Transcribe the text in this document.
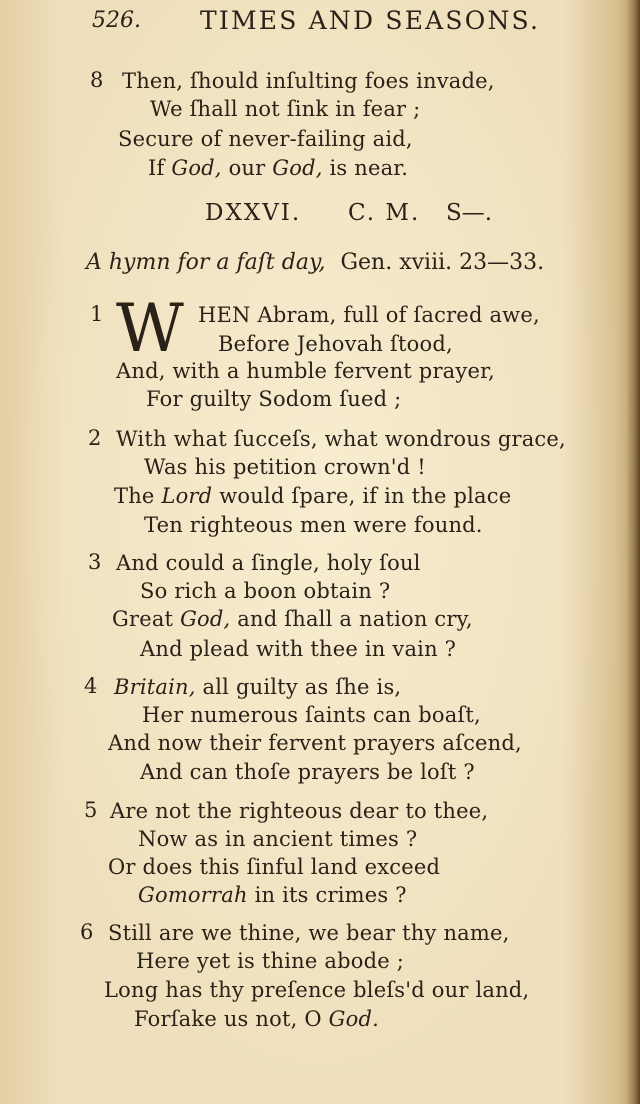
526. TIMES AND SEASONS.
8 Then, ſhould inſulting foes invade,
We ſhall not ſink in fear ;
Secure of never-failing aid,
If God, our God, is near.
DXXVI. C. M. S—.
A hymn for a faſt day, Gen. xviii. 23—33.
1 W HEN Abram, full of ſacred awe,
Before Jehovah ſtood,
And, with a humble fervent prayer,
For guilty Sodom ſued ;
2 With what ſucceſs, what wondrous grace,
Was his petition crown'd !
The Lord would ſpare, if in the place
Ten righteous men were found.
3 And could a ſingle, holy ſoul
So rich a boon obtain ?
Great God, and ſhall a nation cry,
And plead with thee in vain ?
4 Britain, all guilty as ſhe is,
Her numerous ſaints can boaſt,
And now their fervent prayers aſcend,
And can thoſe prayers be loſt ?
5 Are not the righteous dear to thee,
Now as in ancient times ?
Or does this ſinful land exceed
Gomorrah in its crimes ?
6 Still are we thine, we bear thy name,
Here yet is thine abode ;
Long has thy preſence bleſs'd our land,
Forſake us not, O God.
